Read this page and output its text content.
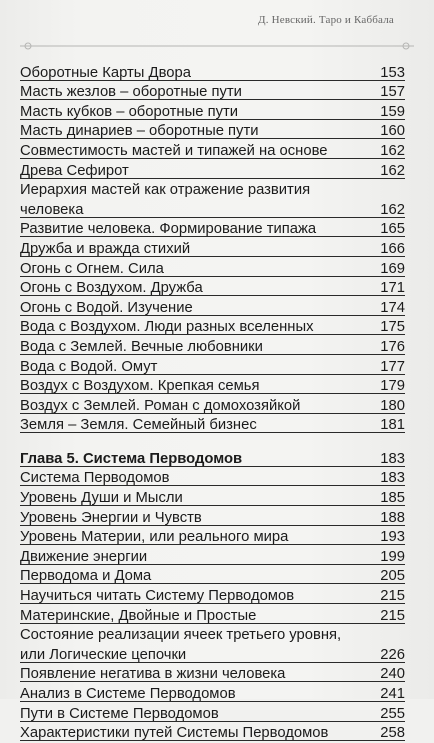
Д. Невский. Таро и Каббала
Оборотные Карты Двора	153
Масть жезлов – оборотные пути	157
Масть кубков – оборотные пути	159
Масть динариев – оборотные пути	160
Совместимость мастей и типажей на основе	162
Древа Сефирот	162
Иерархия мастей как отражение развития
человека	162
Развитие человека. Формирование типажа	165
Дружба и вражда стихий	166
Огонь с Огнем. Сила	169
Огонь с Воздухом. Дружба	171
Огонь с Водой. Изучение	174
Вода с Воздухом. Люди разных вселенных	175
Вода с Землей. Вечные любовники	176
Вода с Водой. Омут	177
Воздух с Воздухом. Крепкая семья	179
Воздух с Землей. Роман с домохозяйкой	180
Земля – Земля. Семейный бизнес	181
Глава 5. Система Перводомов	183
Система Перводомов	183
Уровень Души и Мысли	185
Уровень Энергии и Чувств	188
Уровень Материи, или реального мира	193
Движение энергии	199
Перводома и Дома	205
Научиться читать Систему Перводомов	215
Материнские, Двойные и Простые	215
Состояние реализации ячеек третьего уровня,
или Логические цепочки	226
Появление негатива в жизни человека	240
Анализ в Системе Перводомов	241
Пути в Системе Перводомов	255
Характеристики путей Системы Перводомов	258
